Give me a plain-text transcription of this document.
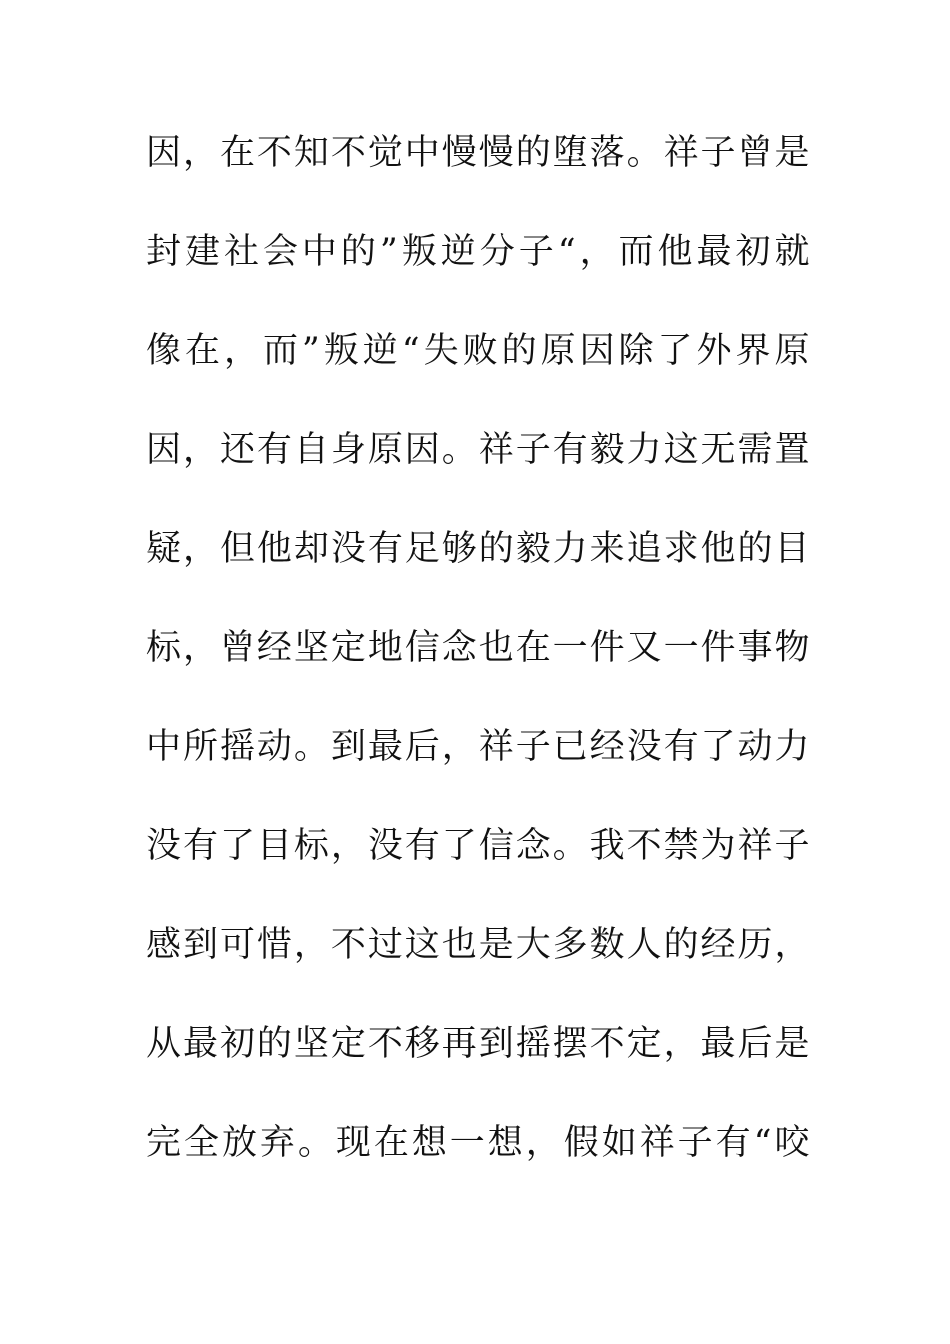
因，在不知不觉中慢慢的堕落。祥子曾是
封建社会中的”叛逆分子“，而他最初就
像在，而”叛逆“失败的原因除了外界原
因，还有自身原因。祥子有毅力这无需置
疑，但他却没有足够的毅力来追求他的目
标，曾经坚定地信念也在一件又一件事物
中所摇动。到最后，祥子已经没有了动力
没有了目标，没有了信念。我不禁为祥子
感到可惜，不过这也是大多数人的经历，
从最初的坚定不移再到摇摆不定，最后是
完全放弃。现在想一想，假如祥子有“咬
